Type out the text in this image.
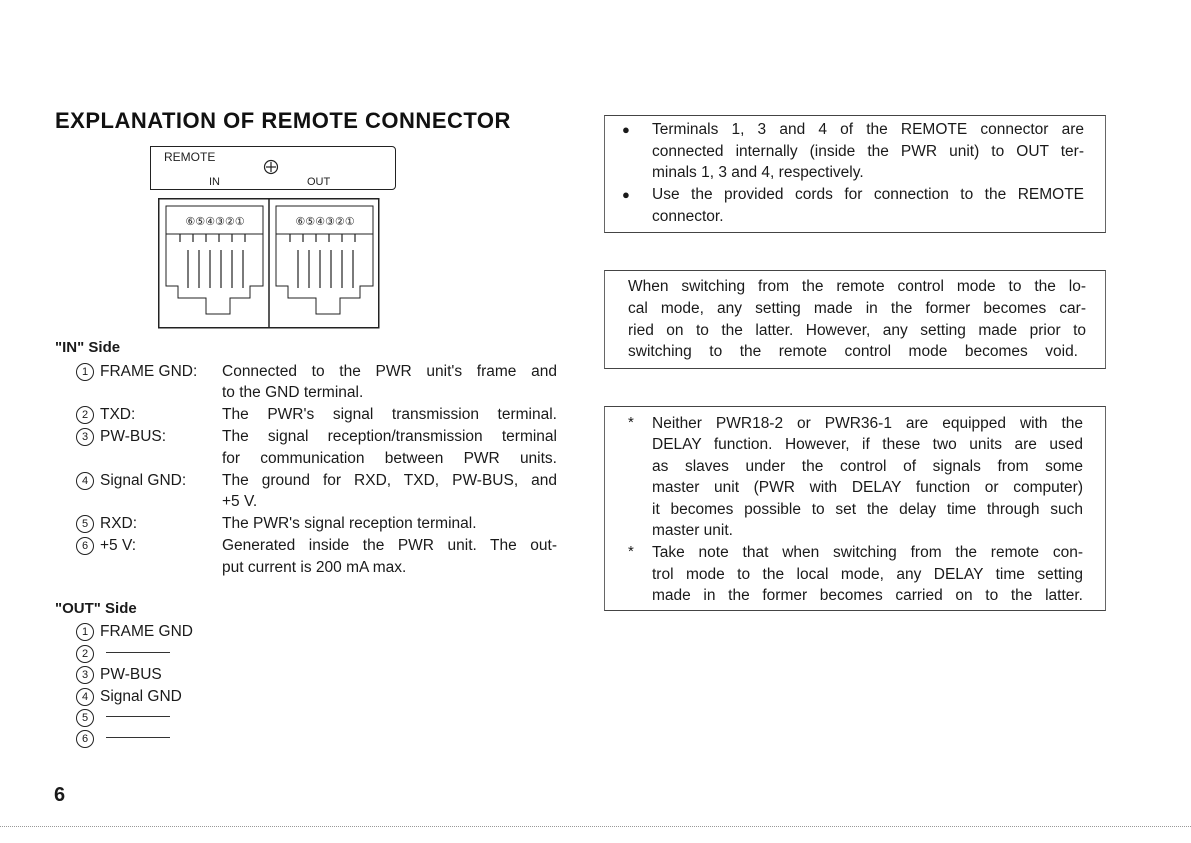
EXPLANATION OF REMOTE CONNECTOR
REMOTE
IN	OUT
⑥⑤④③②①	⑥⑤④③②①
"IN" Side
1 FRAME GND: Connected to the PWR unit's frame and
to the GND terminal.
2 TXD:	The PWR's signal transmission terminal.
3 PW-BUS:	The signal reception/transmission terminal
for communication between PWR units.
4 Signal GND: The ground for RXD, TXD, PW-BUS, and
+5 V.
5 RXD:	The PWR's signal reception terminal.
6 +5 V:	Generated inside the PWR unit. The out-
put current is 200 mA max.
"OUT" Side
1 FRAME GND
2
3 PW-BUS
4 Signal GND
5
6
● Terminals 1, 3 and 4 of the REMOTE connector are
connected internally (inside the PWR unit) to OUT ter-
minals 1, 3 and 4, respectively.
● Use the provided cords for connection to the REMOTE
connector.
When switching from the remote control mode to the lo-
cal mode, any setting made in the former becomes car-
ried on to the latter. However, any setting made prior to
switching to the remote control mode becomes void.
* Neither PWR18-2 or PWR36-1 are equipped with the
DELAY function. However, if these two units are used
as slaves under the control of signals from some
master unit (PWR with DELAY function or computer)
it becomes possible to set the delay time through such
master unit.
* Take note that when switching from the remote con-
trol mode to the local mode, any DELAY time setting
made in the former becomes carried on to the latter.
6
